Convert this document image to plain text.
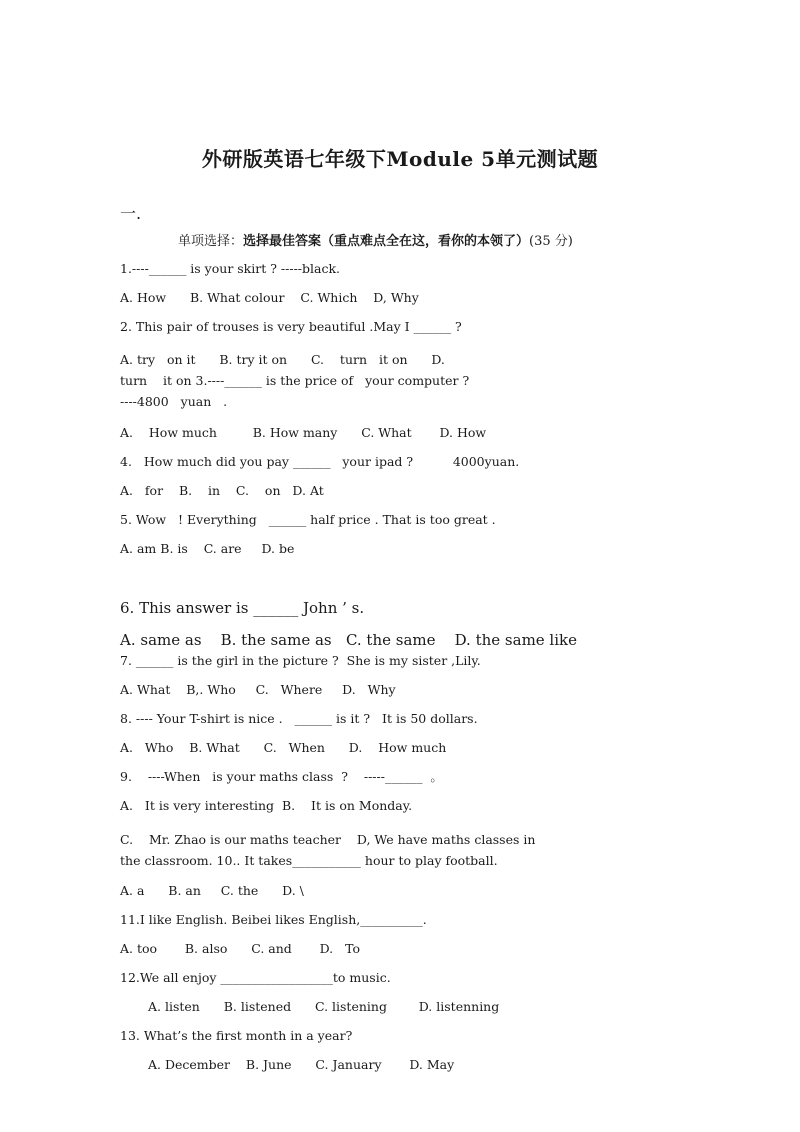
外研版英语七年级下Module 5单元测试题
一.
单项选择：选择最佳答案（重点难点全在这，看你的本领了）(35 分)
1.----______ is your skirt ? -----black.
A. How      B. What colour    C. Which    D, Why
2. This pair of trouses is very beautiful .May I ______ ?
A. try   on it      B. try it on      C.    turn   it on      D.
turn    it on 3.----______ is the price of   your computer ?
----4800   yuan   .
A.    How much         B. How many      C. What       D. How
4.   How much did you pay ______   your ipad ?          4000yuan.
A.   for    B.    in    C.    on   D. At
5. Wow   ! Everything   ______ half price . That is too great .
A. am B. is    C. are     D. be
6. This answer is ______ John ’ s.
A. same as    B. the same as   C. the same    D. the same like
7. ______ is the girl in the picture ?  She is my sister ,Lily.
A. What    B,. Who     C.   Where     D.   Why
8. ---- Your T-shirt is nice .   ______ is it ?   It is 50 dollars.
A.   Who    B. What      C.   When      D.    How much
9.    ----When   is your maths class  ?    -----______  。
A.   It is very interesting  B.    It is on Monday.
C.    Mr. Zhao is our maths teacher    D, We have maths classes in
the classroom. 10.. It takes___________ hour to play football.
A. a      B. an     C. the      D. \
11.I like English. Beibei likes English,__________.
A. too       B. also      C. and       D.   To
12.We all enjoy __________________to music.
A. listen      B. listened      C. listening        D. listenning
13. What’s the first month in a year?
A. December    B. June      C. January       D. May
